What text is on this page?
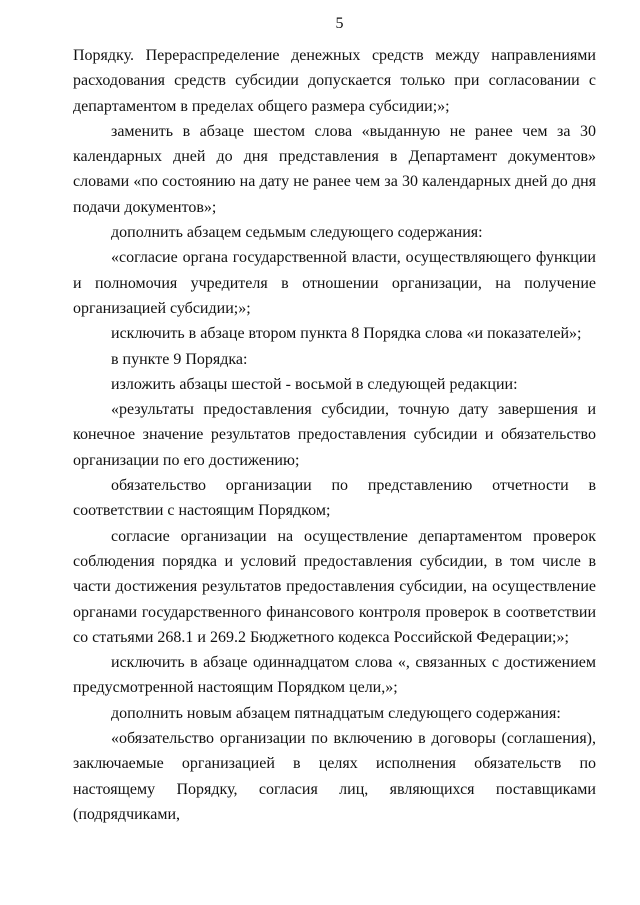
5

Порядку. Перераспределение денежных средств между направлениями расходования средств субсидии допускается только при согласовании с департаментом в пределах общего размера субсидии;»;

заменить в абзаце шестом слова «выданную не ранее чем за 30 календарных дней до дня представления в Департамент документов» словами «по состоянию на дату не ранее чем за 30 календарных дней до дня подачи документов»;

дополнить абзацем седьмым следующего содержания:

«согласие органа государственной власти, осуществляющего функции и полномочия учредителя в отношении организации, на получение организацией субсидии;»;

исключить в абзаце втором пункта 8 Порядка слова «и показателей»;

в пункте 9 Порядка:

изложить абзацы шестой - восьмой в следующей редакции:

«результаты предоставления субсидии, точную дату завершения и конечное значение результатов предоставления субсидии и обязательство организации по его достижению;

обязательство организации по представлению отчетности в соответствии с настоящим Порядком;

согласие организации на осуществление департаментом проверок соблюдения порядка и условий предоставления субсидии, в том числе в части достижения результатов предоставления субсидии, на осуществление органами государственного финансового контроля проверок в соответствии со статьями 268.1 и 269.2 Бюджетного кодекса Российской Федерации;»;

исключить в абзаце одиннадцатом слова «, связанных с достижением предусмотренной настоящим Порядком цели,»;

дополнить новым абзацем пятнадцатым следующего содержания:

«обязательство организации по включению в договоры (соглашения), заключаемые организацией в целях исполнения обязательств по настоящему Порядку, согласия лиц, являющихся поставщиками (подрядчиками,
